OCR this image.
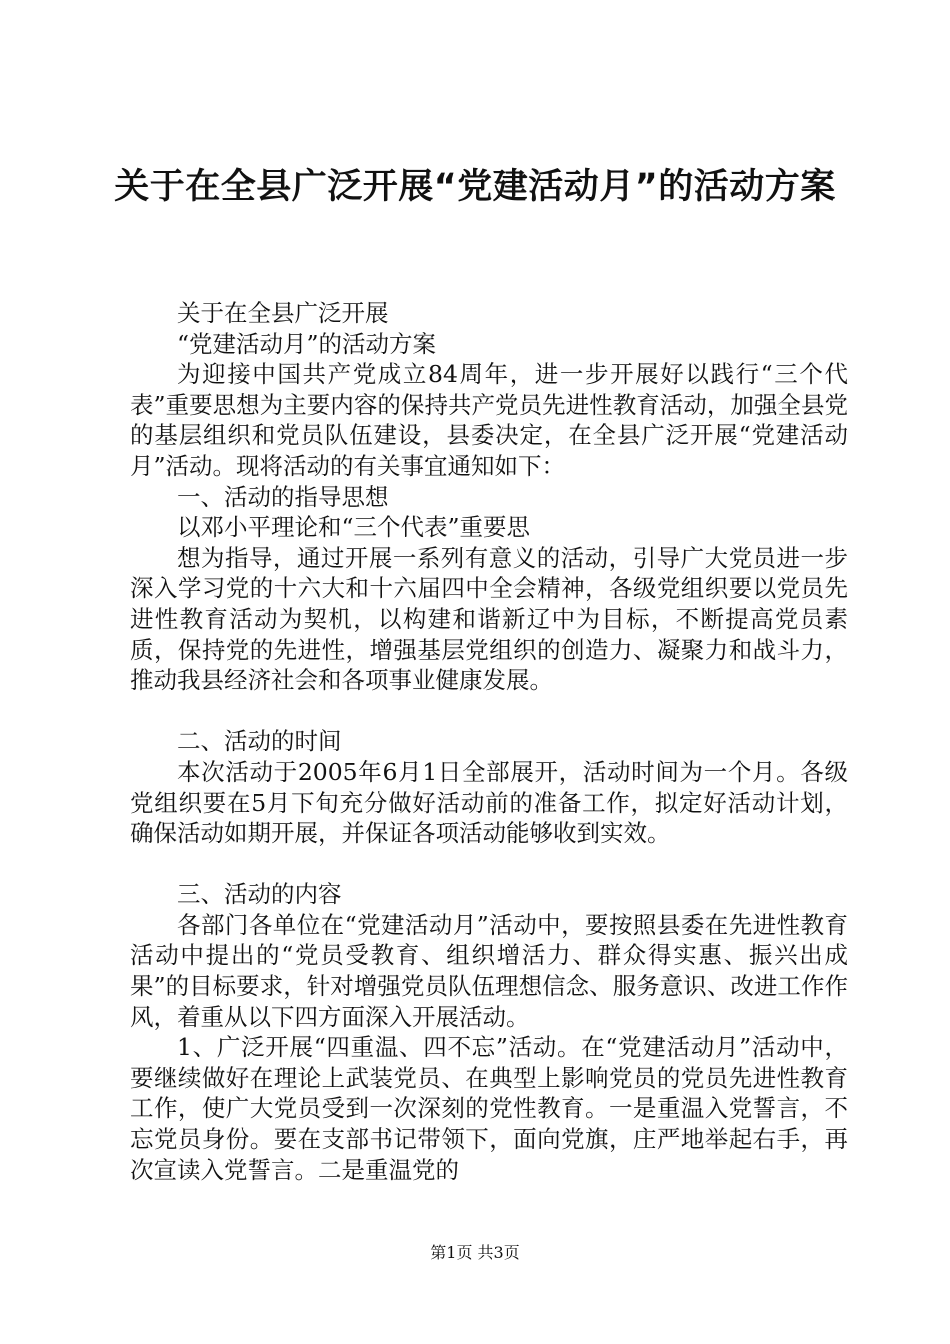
关于在全县广泛开展“党建活动月”的活动方案

关于在全县广泛开展

“党建活动月”的活动方案

为迎接中国共产党成立84周年，进一步开展好以践行“三个代表”重要思想为主要内容的保持共产党员先进性教育活动，加强全县党的基层组织和党员队伍建设，县委决定，在全县广泛开展“党建活动月”活动。现将活动的有关事宜通知如下：

一、活动的指导思想

以邓小平理论和“三个代表”重要思

想为指导，通过开展一系列有意义的活动，引导广大党员进一步深入学习党的十六大和十六届四中全会精神，各级党组织要以党员先进性教育活动为契机，以构建和谐新辽中为目标，不断提高党员素质，保持党的先进性，增强基层党组织的创造力、凝聚力和战斗力，推动我县经济社会和各项事业健康发展。

二、活动的时间

本次活动于2005年6月1日全部展开，活动时间为一个月。各级党组织要在5月下旬充分做好活动前的准备工作，拟定好活动计划，确保活动如期开展，并保证各项活动能够收到实效。

三、活动的内容

各部门各单位在“党建活动月”活动中，要按照县委在先进性教育活动中提出的“党员受教育、组织增活力、群众得实惠、振兴出成果”的目标要求，针对增强党员队伍理想信念、服务意识、改进工作作风，着重从以下四方面深入开展活动。

1、广泛开展“四重温、四不忘”活动。在“党建活动月”活动中，要继续做好在理论上武装党员、在典型上影响党员的党员先进性教育工作，使广大党员受到一次深刻的党性教育。一是重温入党誓言，不忘党员身份。要在支部书记带领下，面向党旗，庄严地举起右手，再次宣读入党誓言。二是重温党的

第1页 共3页
